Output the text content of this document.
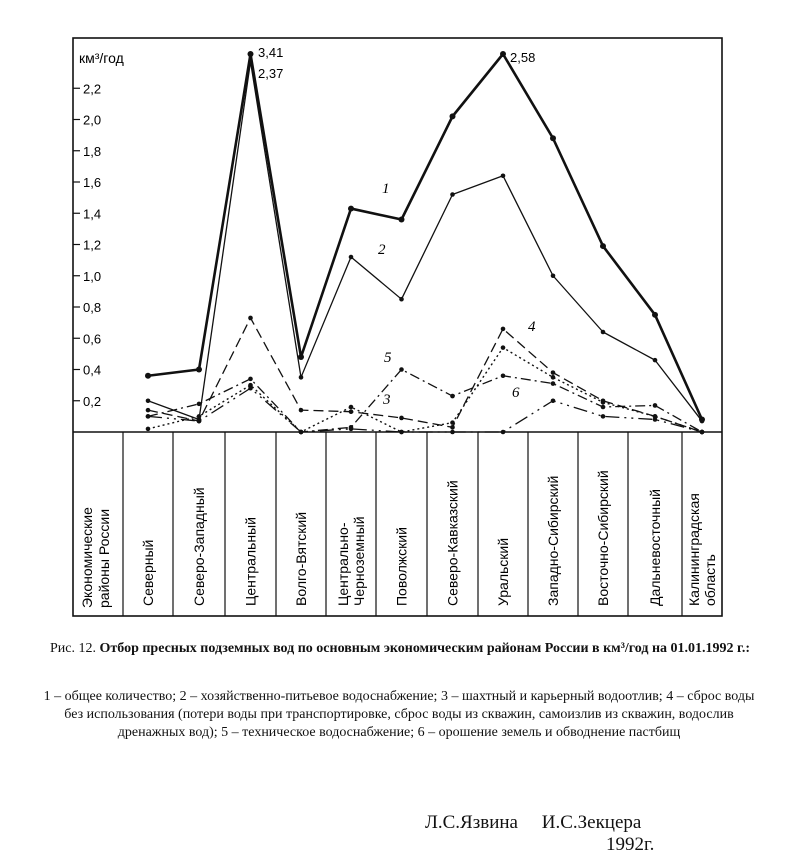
0,2
0,4
0,6
0,8
1,0
1,2
1,4
1,6
1,8
2,0
2,2
км³/год
Экономическиерайоны России Северный	Северо-Западный	Центральный Волго-Вятский Центрально-Черноземный Поволжский	Северо-Кавказский Уральский Западно-Сибирский Восточно-Сибирский	Дальневосточный Калининградскаяобласть
1
2
3
4
5
6
3,41
2,37
2,58
Рис. 12. Отбор пресных подземных вод по основным экономическим районам России в км³/год на 01.01.1992 г.:
1 – общее количество; 2 – хозяйственно-питьевое водоснабжение; 3 – шахтный и карьерный водоотлив; 4 – сброс воды без использования (потери воды при транспортировке, сброс воды из скважин, самоизлив из скважин, водослив дренажных вод); 5 – техническое водоснабжение; 6 – орошение земель и обводнение пастбищ
Л.С.Язвина     И.С.Зекцера
1992г.
